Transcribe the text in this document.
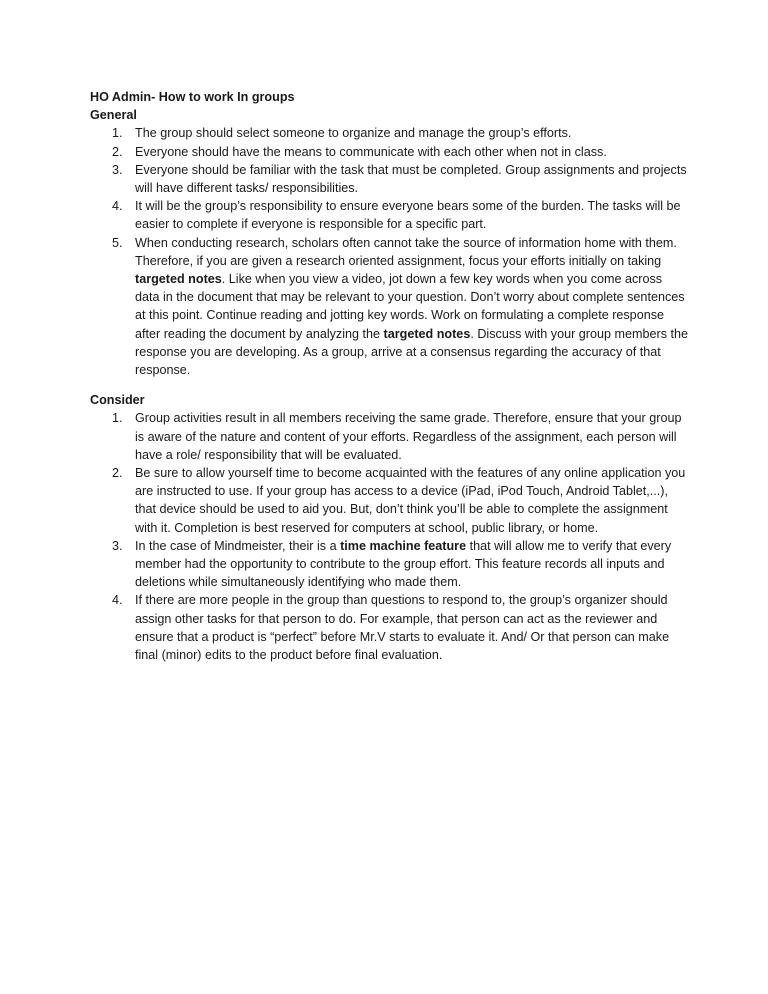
HO Admin- How to work In groups
General
1. The group should select someone to organize and manage the group’s efforts.
2. Everyone should have the means to communicate with each other when not in class.
3. Everyone should be familiar with the task that must be completed. Group assignments and projects will have different tasks/ responsibilities.
4. It will be the group’s responsibility to ensure everyone bears some of the burden. The tasks will be easier to complete if everyone is responsible for a specific part.
5. When conducting research, scholars often cannot take the source of information home with them. Therefore, if you are given a research oriented assignment, focus your efforts initially on taking targeted notes. Like when you view a video, jot down a few key words when you come across data in the document that may be relevant to your question. Don’t worry about complete sentences at this point. Continue reading and jotting key words. Work on formulating a complete response after reading the document by analyzing the targeted notes. Discuss with your group members the response you are developing. As a group, arrive at a consensus regarding the accuracy of that response.
Consider
1. Group activities result in all members receiving the same grade. Therefore, ensure that your group is aware of the nature and content of your efforts. Regardless of the assignment, each person will have a role/ responsibility that will be evaluated.
2. Be sure to allow yourself time to become acquainted with the features of any online application you are instructed to use. If your group has access to a device (iPad, iPod Touch, Android Tablet,...), that device should be used to aid you. But, don’t think you’ll be able to complete the assignment with it. Completion is best reserved for computers at school, public library, or home.
3. In the case of Mindmeister, their is a time machine feature that will allow me to verify that every member had the opportunity to contribute to the group effort. This feature records all inputs and deletions while simultaneously identifying who made them.
4. If there are more people in the group than questions to respond to, the group’s organizer should assign other tasks for that person to do. For example, that person can act as the reviewer and ensure that a product is “perfect” before Mr.V starts to evaluate it. And/ Or that person can make final (minor) edits to the product before final evaluation.
